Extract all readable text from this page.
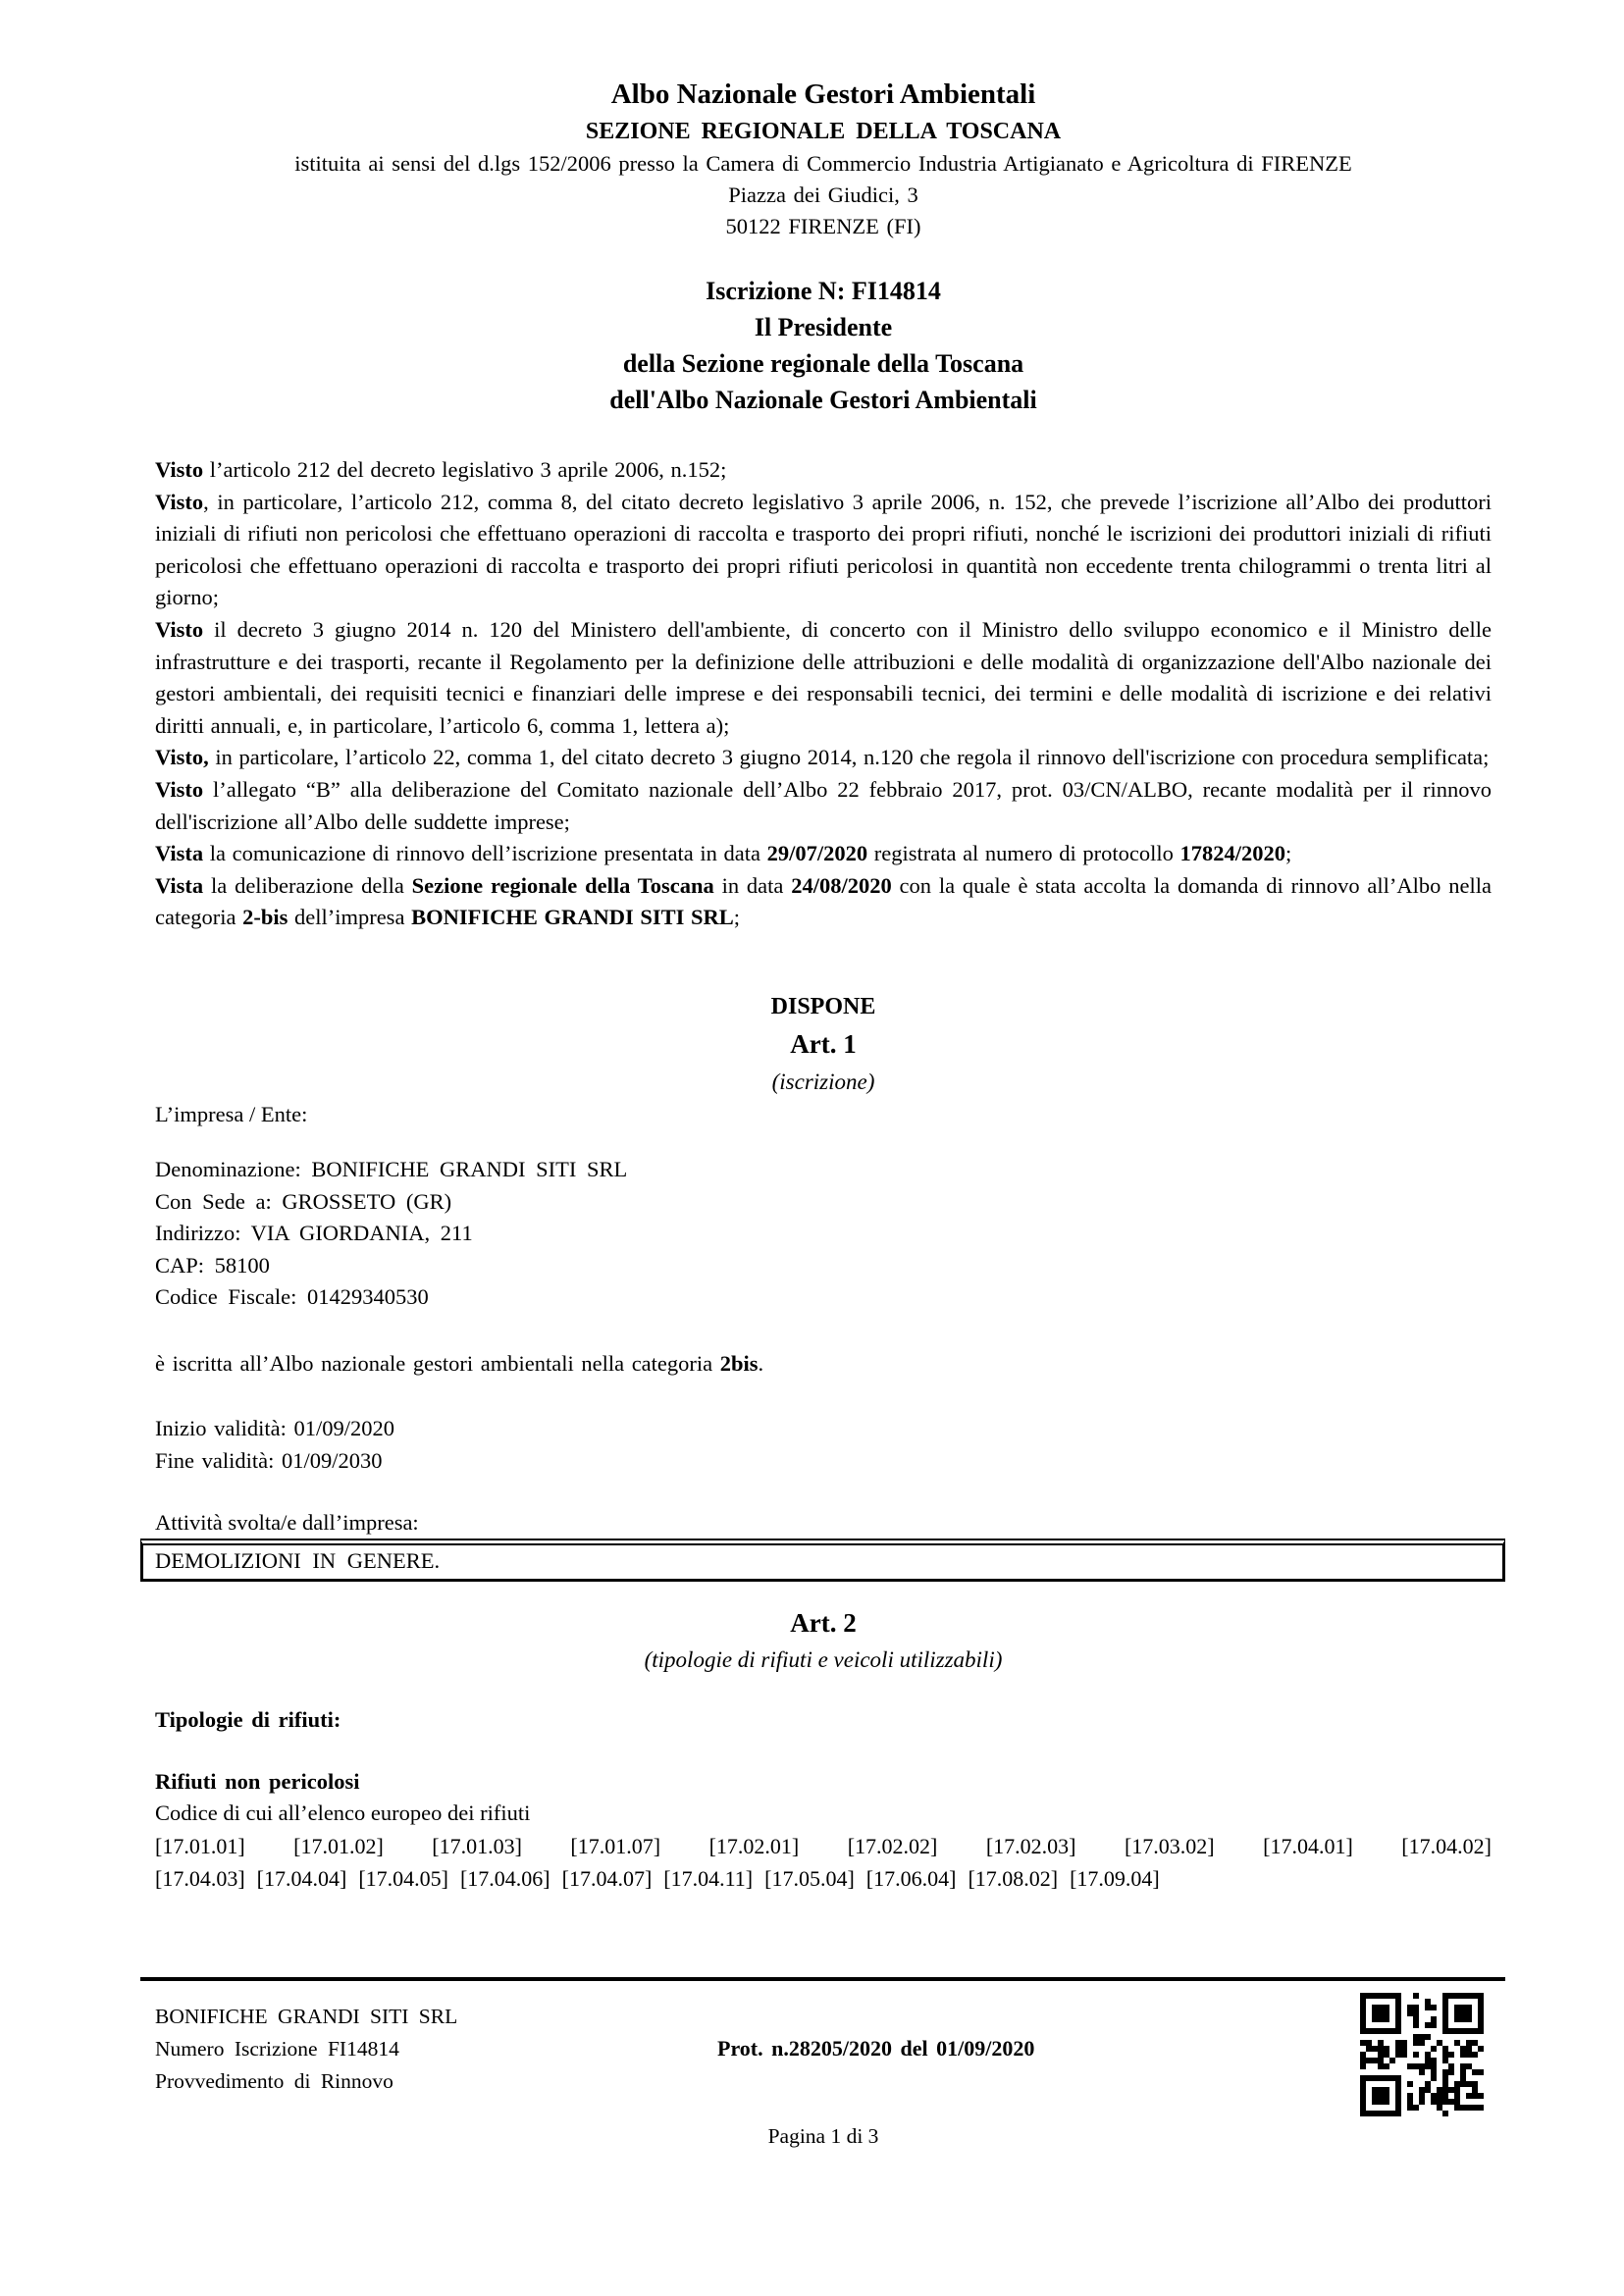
Albo Nazionale Gestori Ambientali
SEZIONE REGIONALE DELLA TOSCANA
istituita ai sensi del d.lgs 152/2006 presso la Camera di Commercio Industria Artigianato e Agricoltura di FIRENZE
Piazza dei Giudici, 3
50122 FIRENZE (FI)
Iscrizione N: FI14814
Il Presidente
della Sezione regionale della Toscana
dell'Albo Nazionale Gestori Ambientali

Visto l’articolo 212 del decreto legislativo 3 aprile 2006, n.152;

Visto, in particolare, l’articolo 212, comma 8, del citato decreto legislativo 3 aprile 2006, n. 152, che prevede l’iscrizione all’Albo dei produttori iniziali di rifiuti non pericolosi che effettuano operazioni di raccolta e trasporto dei propri rifiuti, nonché le iscrizioni dei produttori iniziali di rifiuti pericolosi che effettuano operazioni di raccolta e trasporto dei propri rifiuti pericolosi in quantità non eccedente trenta chilogrammi o trenta litri al giorno;

Visto il decreto 3 giugno 2014 n. 120 del Ministero dell'ambiente, di concerto con il Ministro dello sviluppo economico e il Ministro delle infrastrutture e dei trasporti, recante il Regolamento per la definizione delle attribuzioni e delle modalità di organizzazione dell'Albo nazionale dei gestori ambientali, dei requisiti tecnici e finanziari delle imprese e dei responsabili tecnici, dei termini e delle modalità di iscrizione e dei relativi diritti annuali, e, in particolare, l’articolo 6, comma 1, lettera a);

Visto, in particolare, l’articolo 22, comma 1, del citato decreto 3 giugno 2014, n.120 che regola il rinnovo dell'iscrizione con procedura semplificata;

Visto l’allegato “B” alla deliberazione del Comitato nazionale dell’Albo 22 febbraio 2017, prot. 03/CN/ALBO, recante modalità per il rinnovo dell'iscrizione all’Albo delle suddette imprese;

Vista la comunicazione di rinnovo dell’iscrizione presentata in data 29/07/2020 registrata al numero di protocollo 17824/2020;

Vista la deliberazione della Sezione regionale della Toscana in data 24/08/2020 con la quale è stata accolta la domanda di rinnovo all’Albo nella categoria 2-bis dell’impresa BONIFICHE GRANDI SITI SRL;

DISPONE
Art. 1
(iscrizione)
L’impresa / Ente:
Denominazione: BONIFICHE GRANDI SITI SRL
Con Sede a: GROSSETO (GR)
Indirizzo: VIA GIORDANIA, 211
CAP: 58100
Codice Fiscale: 01429340530
è iscritta all’Albo nazionale gestori ambientali nella categoria 2bis.
Inizio validità: 01/09/2020
Fine validità: 01/09/2030
Attività svolta/e dall’impresa:
DEMOLIZIONI IN GENERE.
Art. 2
(tipologie di rifiuti e veicoli utilizzabili)
Tipologie di rifiuti:
Rifiuti non pericolosi
Codice di cui all’elenco europeo dei rifiuti
[17.01.01] [17.01.02] [17.01.03] [17.01.07] [17.02.01] [17.02.02] [17.02.03] [17.03.02] [17.04.01] [17.04.02]
[17.04.03] [17.04.04] [17.04.05] [17.04.06] [17.04.07] [17.04.11] [17.05.04] [17.06.04] [17.08.02] [17.09.04]
BONIFICHE GRANDI SITI SRL
Numero Iscrizione FI14814
Provvedimento di Rinnovo
Prot. n.28205/2020 del 01/09/2020
Pagina 1 di 3
